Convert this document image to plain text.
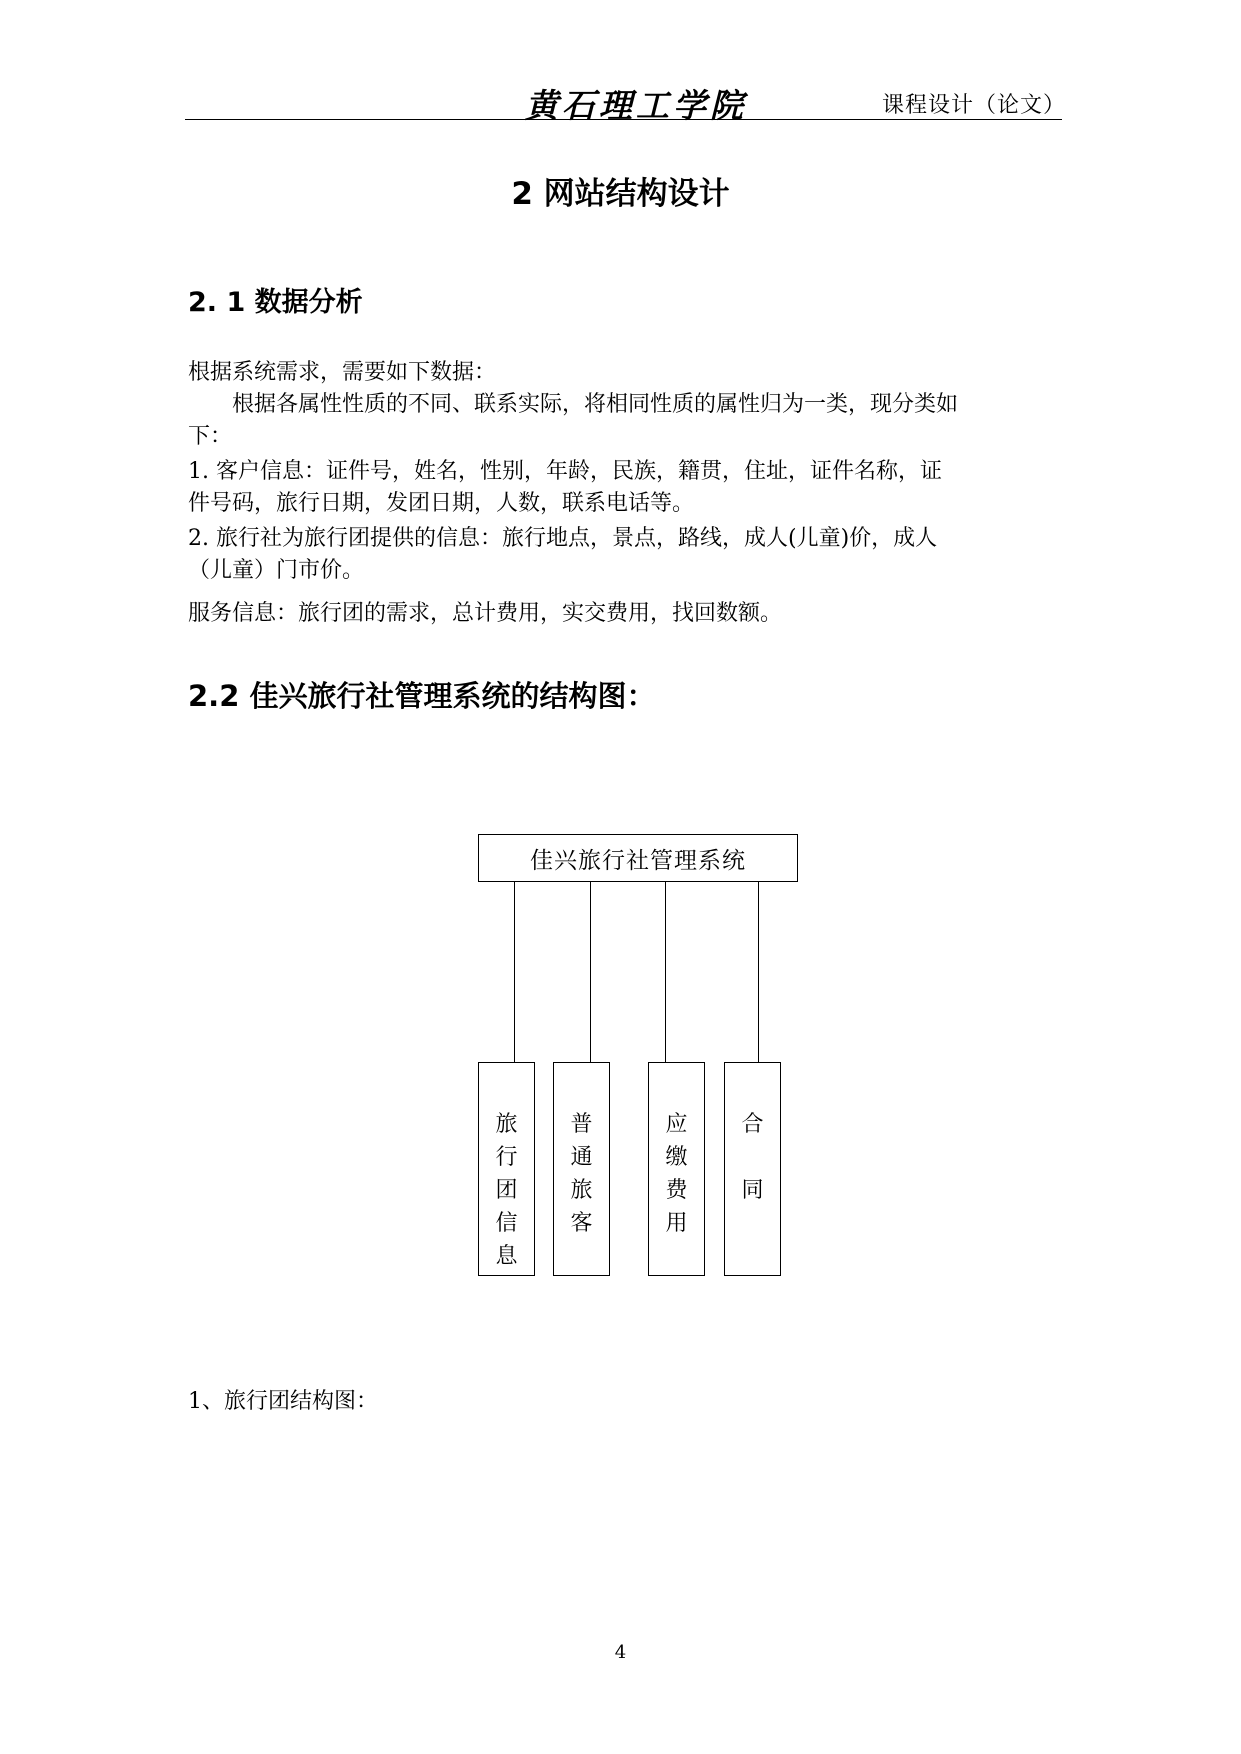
黄石理工学院	课程设计（论文）
2 网站结构设计
2. 1 数据分析
根据系统需求，需要如下数据：
　　根据各属性性质的不同、联系实际，将相同性质的属性归为一类，现分类如
下：
1. 客户信息：证件号，姓名，性别，年龄，民族，籍贯，住址，证件名称，证
件号码，旅行日期，发团日期，人数，联系电话等。
2. 旅行社为旅行团提供的信息：旅行地点，景点，路线，成人(儿童)价，成人
（儿童）门市价。
服务信息：旅行团的需求，总计费用，实交费用，找回数额。
2.2 佳兴旅行社管理系统的结构图：
佳兴旅行社管理系统
旅
行
团
信
息
普
通
旅
客
应
缴
费
用
合
同
1、旅行团结构图：
4
